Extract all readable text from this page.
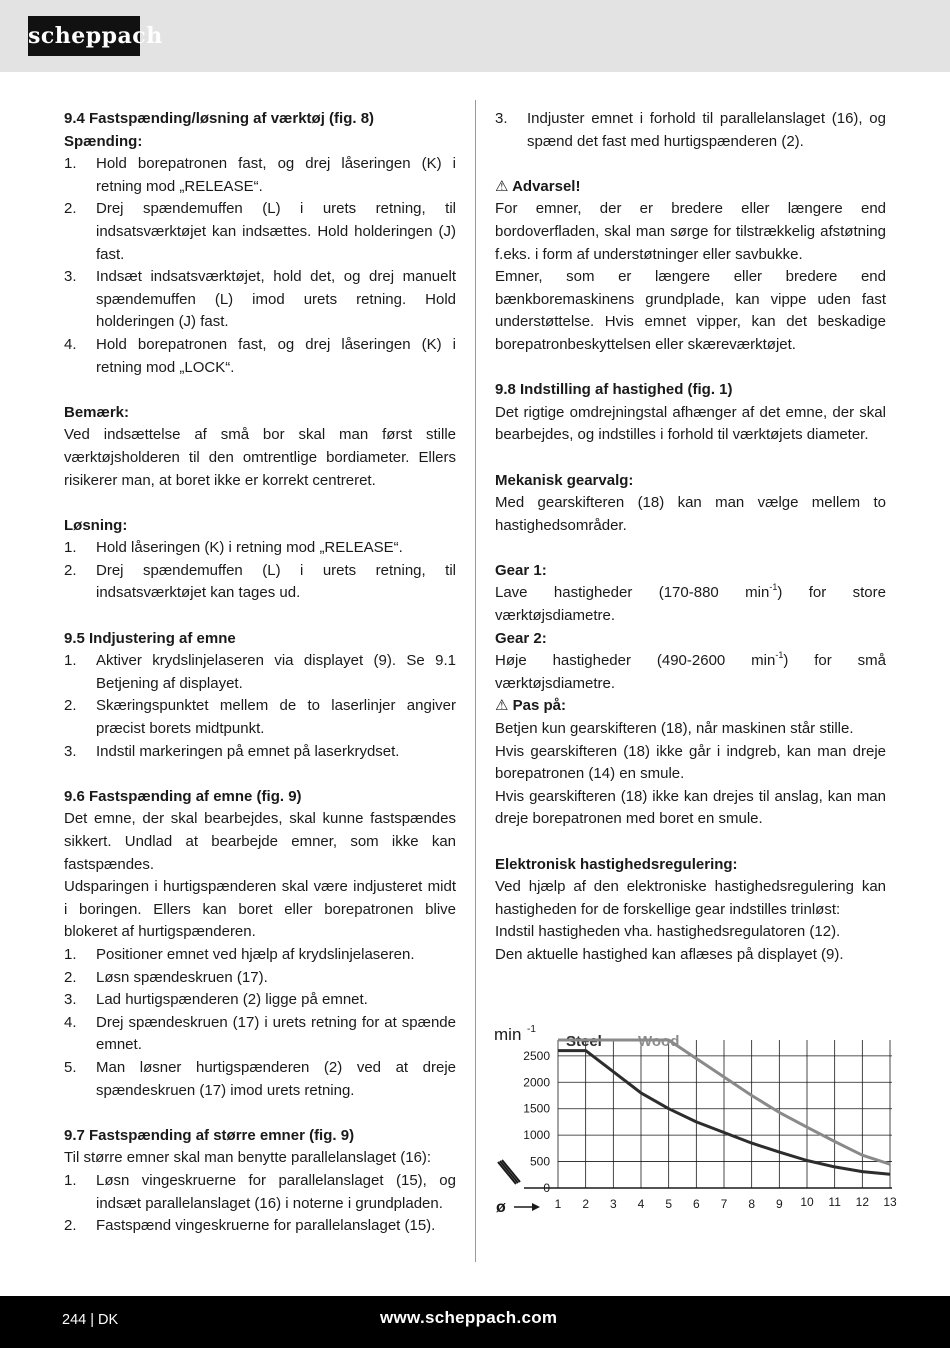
scheppach

9.4 Fastspænding/løsning af værktøj (fig. 8)

Spænding:

1. Hold borepatronen fast, og drej låseringen (K) i retning mod „RELEASE“.
2. Drej spændemuffen (L) i urets retning, til indsatsværktøjet kan indsættes. Hold holderingen (J) fast.
3. Indsæt indsatsværktøjet, hold det, og drej manuelt spændemuffen (L) imod urets retning. Hold holderingen (J) fast.
4. Hold borepatronen fast, og drej låseringen (K) i retning mod „LOCK“.

Bemærk:

Ved indsættelse af små bor skal man først stille værktøjsholderen til den omtrentlige bordiameter. Ellers risikerer man, at boret ikke er korrekt centreret.

Løsning:

1. Hold låseringen (K) i retning mod „RELEASE“.
2. Drej spændemuffen (L) i urets retning, til indsatsværktøjet kan tages ud.

9.5 Indjustering af emne

1. Aktiver krydslinjelaseren via displayet (9). Se 9.1 Betjening af displayet.
2. Skæringspunktet mellem de to laserlinjer angiver præcist borets midtpunkt.
3. Indstil markeringen på emnet på laserkrydset.

9.6 Fastspænding af emne (fig. 9)

Det emne, der skal bearbejdes, skal kunne fastspændes sikkert. Undlad at bearbejde emner, som ikke kan fastspændes.

Udsparingen i hurtigspænderen skal være indjusteret midt i boringen. Ellers kan boret eller borepatronen blive blokeret af hurtigspænderen.

1. Positioner emnet ved hjælp af krydslinjelaseren.
2. Løsn spændeskruen (17).
3. Lad hurtigspænderen (2) ligge på emnet.
4. Drej spændeskruen (17) i urets retning for at spænde emnet.
5. Man løsner hurtigspænderen (2) ved at dreje spændeskruen (17) imod urets retning.

9.7 Fastspænding af større emner (fig. 9)

Til større emner skal man benytte parallelanslaget (16):

1. Løsn vingeskruerne for parallelanslaget (15), og indsæt parallelanslaget (16) i noterne i grundpladen.
2. Fastspænd vingeskruerne for parallelanslaget (15).
3. Indjuster emnet i forhold til parallelanslaget (16), og spænd det fast med hurtigspænderen (2).

⚠ Advarsel!

For emner, der er bredere eller længere end bordoverfladen, skal man sørge for tilstrækkelig afstøtning f.eks. i form af understøtninger eller savbukke.

Emner, som er længere eller bredere end bænkboremaskinens grundplade, kan vippe uden fast understøttelse. Hvis emnet vipper, kan det beskadige borepatronbeskyttelsen eller skæreværktøjet.

9.8 Indstilling af hastighed (fig. 1)

Det rigtige omdrejningstal afhænger af det emne, der skal bearbejdes, og indstilles i forhold til værktøjets diameter.

Mekanisk gearvalg:

Med gearskifteren (18) kan man vælge mellem to hastighedsområder.

Gear 1:

Lave hastigheder (170-880 $\min^{-1}$) for store værktøjsdiametre.

Gear 2:

Høje hastigheder (490-2600 $\min^{-1}$) for små værktøjsdiametre.

⚠ Pas på:

Betjen kun gearskifteren (18), når maskinen står stille.

Hvis gearskifteren (18) ikke går i indgreb, kan man dreje borepatronen (14) en smule.

Hvis gearskifteren (18) ikke kan drejes til anslag, kan man dreje borepatronen med boret en smule.

Elektronisk hastighedsregulering:

Ved hjælp af den elektroniske hastighedsregulering kan hastigheden for de forskellige gear indstilles trinløst:

Indstil hastigheden vha. hastighedsregulatoren (12).

Den aktuelle hastighed kan aflæses på displayet (9).

0
500
1000
1500
2000
2500
1 2 3 4 5 6 7 8 9 10 11 12 13
min -1
ø
Steel Wood
244 | DK	www.scheppach.com
